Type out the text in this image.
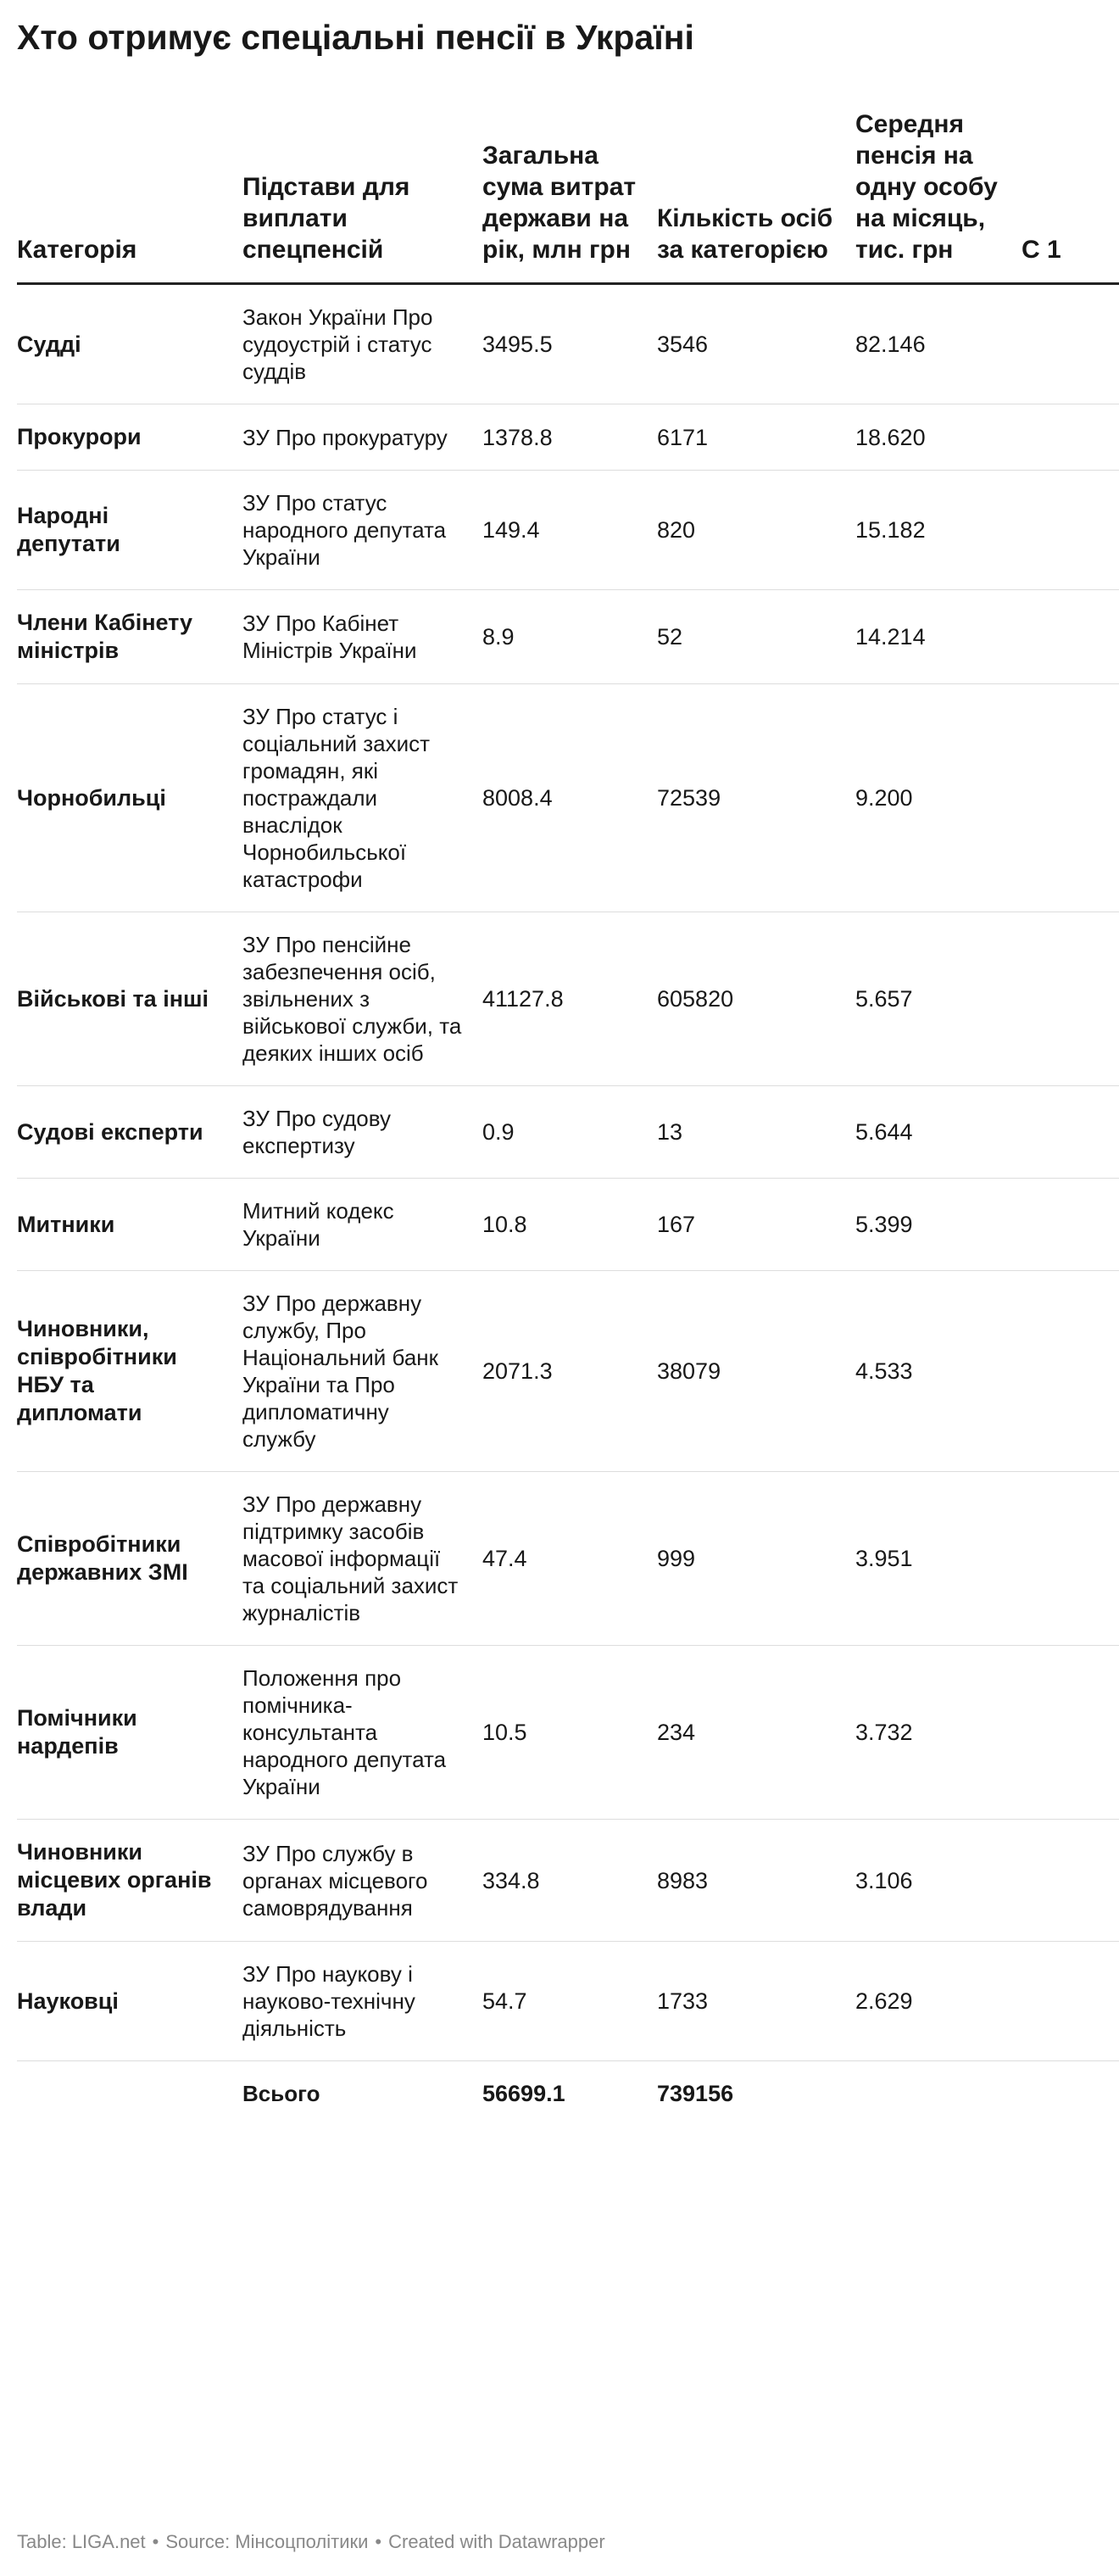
Хто отримує спеціальні пенсії в Україні
Категорія	Підстави для виплати спецпенсій	Загальна сума витрат держави на рік, млн грн	Кількість осіб за категорією	Середня пенсія на одну особу на місяць, тис. грн	С 1
Судді	Закон України Про судоустрій і статус суддів	3495.5	3546	82.146	
Прокурори	ЗУ Про прокуратуру	1378.8	6171	18.620	
Народні депутати	ЗУ Про статус народного депутата України	149.4	820	15.182	
Члени Кабінету міністрів	ЗУ Про Кабінет Міністрів України	8.9	52	14.214	
Чорнобильці	ЗУ Про статус і соціальний захист громадян, які постраждали внаслідок Чорнобильської катастрофи	8008.4	72539	9.200	
Військові та інші	ЗУ Про пенсійне забезпечення осіб, звільнених з військової служби, та деяких інших осіб	41127.8	605820	5.657	
Судові експерти	ЗУ Про судову експертизу	0.9	13	5.644	
Митники	Митний кодекс України	10.8	167	5.399	
Чиновники, співробітники НБУ та дипломати	ЗУ Про державну службу, Про Національний банк України та Про дипломатичну службу	2071.3	38079	4.533	
Співробітники державних ЗМІ	ЗУ Про державну підтримку засобів масової інформації та соціальний захист журналістів	47.4	999	3.951	
Помічники нардепів	Положення про помічника-консультанта народного депутата України	10.5	234	3.732	
Чиновники місцевих органів влади	ЗУ Про службу в органах місцевого самоврядування	334.8	8983	3.106	
Науковці	ЗУ Про наукову і науково-технічну діяльність	54.7	1733	2.629	
	Всього	56699.1	739156		
Table: LIGA.net • Source: Мінсоцполітики • Created with Datawrapper
